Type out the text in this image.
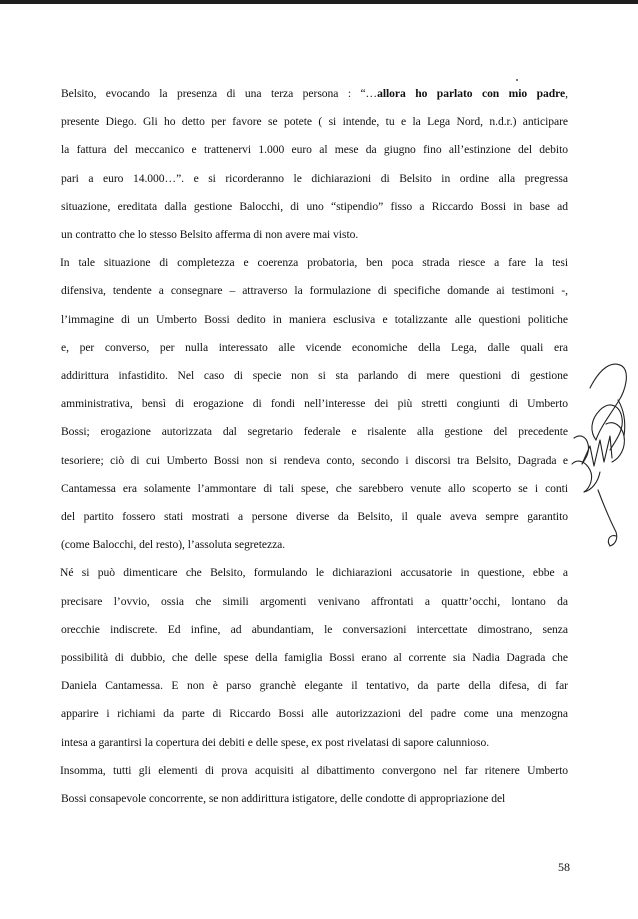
Belsito, evocando la presenza di una terza persona : “…allora ho parlato con mio padre,

presente Diego. Gli ho detto per favore se potete ( si intende, tu e la Lega Nord, n.d.r.) anticipare

la fattura del meccanico e trattenervi 1.000 euro al mese da giugno fino all’estinzione del debito

pari a euro 14.000…”. e si ricorderanno le dichiarazioni di Belsito in ordine alla pregressa

situazione, ereditata dalla gestione Balocchi, di uno “stipendio” fisso a Riccardo Bossi in base ad

un contratto che lo stesso Belsito afferma di non avere mai visto.

In tale situazione di completezza e coerenza probatoria, ben poca strada riesce a fare la tesi

difensiva, tendente a consegnare – attraverso la formulazione di specifiche domande ai testimoni -,

l’immagine di un Umberto Bossi dedito in maniera esclusiva e totalizzante alle questioni politiche

e, per converso, per nulla interessato alle vicende economiche della Lega, dalle quali era

addirittura infastidito. Nel caso di specie non si sta parlando di mere questioni di gestione

amministrativa, bensì di erogazione di fondi nell’interesse dei più stretti congiunti di Umberto

Bossi; erogazione autorizzata dal segretario federale e risalente alla gestione del precedente

tesoriere; ciò di cui Umberto Bossi non si rendeva conto, secondo i discorsi tra Belsito, Dagrada e

Cantamessa era solamente l’ammontare di tali spese, che sarebbero venute allo scoperto se i conti

del partito fossero stati mostrati a persone diverse da Belsito, il quale aveva sempre garantito

(come Balocchi, del resto), l’assoluta segretezza.

Né si può dimenticare che Belsito, formulando le dichiarazioni accusatorie in questione, ebbe a

precisare l’ovvio, ossia che simili argomenti venivano affrontati a quattr’occhi, lontano da

orecchie indiscrete. Ed infine, ad abundantiam, le conversazioni intercettate dimostrano, senza

possibilità di dubbio, che delle spese della famiglia Bossi erano al corrente sia Nadia Dagrada che

Daniela Cantamessa. E non è parso granchè elegante il tentativo, da parte della difesa, di far

apparire i richiami da parte di Riccardo Bossi alle autorizzazioni del padre come una menzogna

intesa a garantirsi la copertura dei debiti e delle spese, ex post rivelatasi di sapore calunnioso.

Insomma, tutti gli elementi di prova acquisiti al dibattimento convergono nel far ritenere Umberto

Bossi consapevole concorrente, se non addirittura istigatore, delle condotte di appropriazione del

58
